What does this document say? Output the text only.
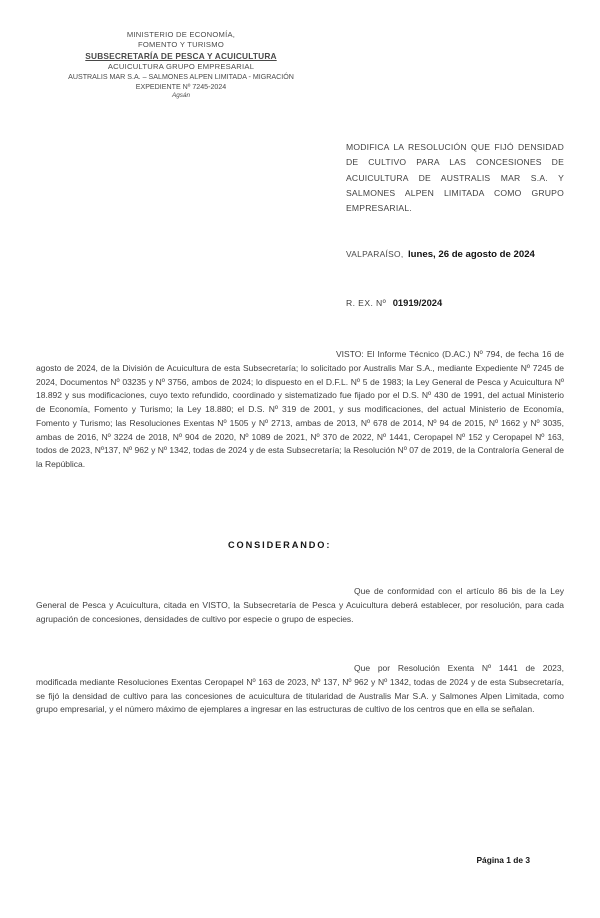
MINISTERIO DE ECONOMÍA,
FOMENTO Y TURISMO
SUBSECRETARÍA DE PESCA Y ACUICULTURA
ACUICULTURA GRUPO EMPRESARIAL
AUSTRALIS MAR S.A. – SALMONES ALPEN LIMITADA - MIGRACIÓN
EXPEDIENTE Nº 7245-2024
Agsán
MODIFICA LA RESOLUCIÓN QUE FIJÓ DENSIDAD DE CULTIVO PARA LAS CONCESIONES DE ACUICULTURA DE AUSTRALIS MAR S.A. Y SALMONES ALPEN LIMITADA COMO GRUPO EMPRESARIAL.
VALPARAÍSO, lunes, 26 de agosto de 2024
R. EX. Nº 01919/2024
VISTO: El Informe Técnico (D.AC.) Nº 794, de fecha 16 de agosto de 2024, de la División de Acuicultura de esta Subsecretaría; lo solicitado por Australis Mar S.A., mediante Expediente Nº 7245 de 2024, Documentos Nº 03235 y Nº 3756, ambos de 2024; lo dispuesto en el D.F.L. Nº 5 de 1983; la Ley General de Pesca y Acuicultura Nº 18.892 y sus modificaciones, cuyo texto refundido, coordinado y sistematizado fue fijado por el D.S. Nº 430 de 1991, del actual Ministerio de Economía, Fomento y Turismo; la Ley 18.880; el D.S. Nº 319 de 2001, y sus modificaciones, del actual Ministerio de Economía, Fomento y Turismo; las Resoluciones Exentas Nº 1505 y Nº 2713, ambas de 2013, Nº 678 de 2014, Nº 94 de 2015, Nº 1662 y Nº 3035, ambas de 2016, Nº 3224 de 2018, Nº 904 de 2020, Nº 1089 de 2021, Nº 370 de 2022, Nº 1441, Ceropapel Nº 152 y Ceropapel Nº 163, todos de 2023, Nº137, Nº 962 y Nº 1342, todas de 2024 y de esta Subsecretaría; la Resolución Nº 07 de 2019, de la Contraloría General de la República.
CONSIDERANDO:

Que de conformidad con el artículo 86 bis de la Ley General de Pesca y Acuicultura, citada en VISTO, la Subsecretaría de Pesca y Acuicultura deberá establecer, por resolución, para cada agrupación de concesiones, densidades de cultivo por especie o grupo de especies.

Que por Resolución Exenta Nº 1441 de 2023, modificada mediante Resoluciones Exentas Ceropapel Nº 163 de 2023, Nº 137, Nº 962 y Nº 1342, todas de 2024 y de esta Subsecretaría, se fijó la densidad de cultivo para las concesiones de acuicultura de titularidad de Australis Mar S.A. y Salmones Alpen Limitada, como grupo empresarial, y el número máximo de ejemplares a ingresar en las estructuras de cultivo de los centros que en ella se señalan.

Página 1 de 3
